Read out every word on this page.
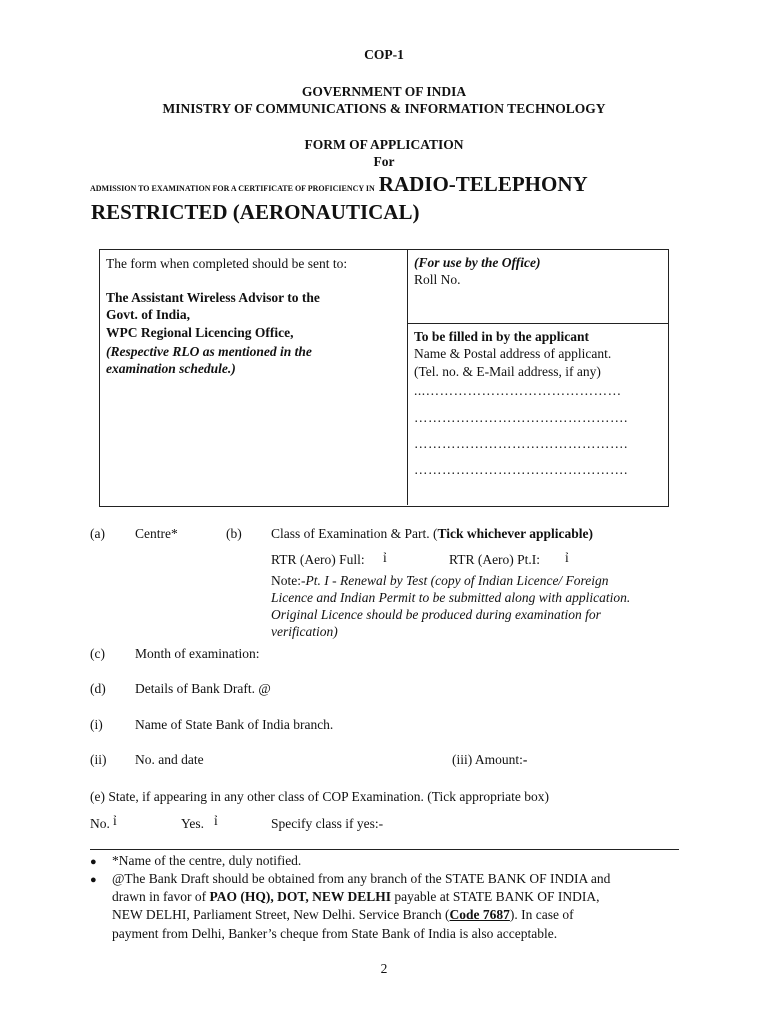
COP-1
GOVERNMENT OF INDIA
MINISTRY OF COMMUNICATIONS & INFORMATION TECHNOLOGY
FORM OF APPLICATION
For
ADMISSION TO EXAMINATION FOR A CERTIFICATE OF PROFICIENCY IN RADIO-TELEPHONY
RESTRICTED (AERONAUTICAL)
The form when completed should be sent to:
The Assistant Wireless Advisor to the
Govt. of India,
WPC Regional Licencing Office,
(Respective RLO as mentioned in the
examination schedule.)
(For use by the Office)
Roll No.
To be filled in by the applicant
Name & Postal address of applicant.
(Tel. no. & E-Mail address, if any)
...……………………………………
……………………………………….
……………………………………….
……………………………………….
(a) Centre*	(b) Class of Examination & Part. (Tick whichever applicable)
RTR (Aero) Full: ỉ	RTR (Aero) Pt.I: ỉ
Note:-Pt. I - Renewal by Test (copy of Indian Licence/ Foreign
Licence and Indian Permit to be submitted along with application.
Original Licence should be produced during examination for
verification)
(c) Month of examination:
(d) Details of Bank Draft. @
(i) Name of State Bank of India branch.
(ii) No. and date	(iii) Amount:-
(e) State, if appearing in any other class of COP Examination. (Tick appropriate box)
No. ỉ	Yes. ỉ	Specify class if yes:-
● *Name of the centre, duly notified.
● @The Bank Draft should be obtained from any branch of the STATE BANK OF INDIA and
drawn in favor of PAO (HQ), DOT, NEW DELHI payable at STATE BANK OF INDIA,
NEW DELHI, Parliament Street, New Delhi. Service Branch (Code 7687). In case of
payment from Delhi, Banker’s cheque from State Bank of India is also acceptable.
2
